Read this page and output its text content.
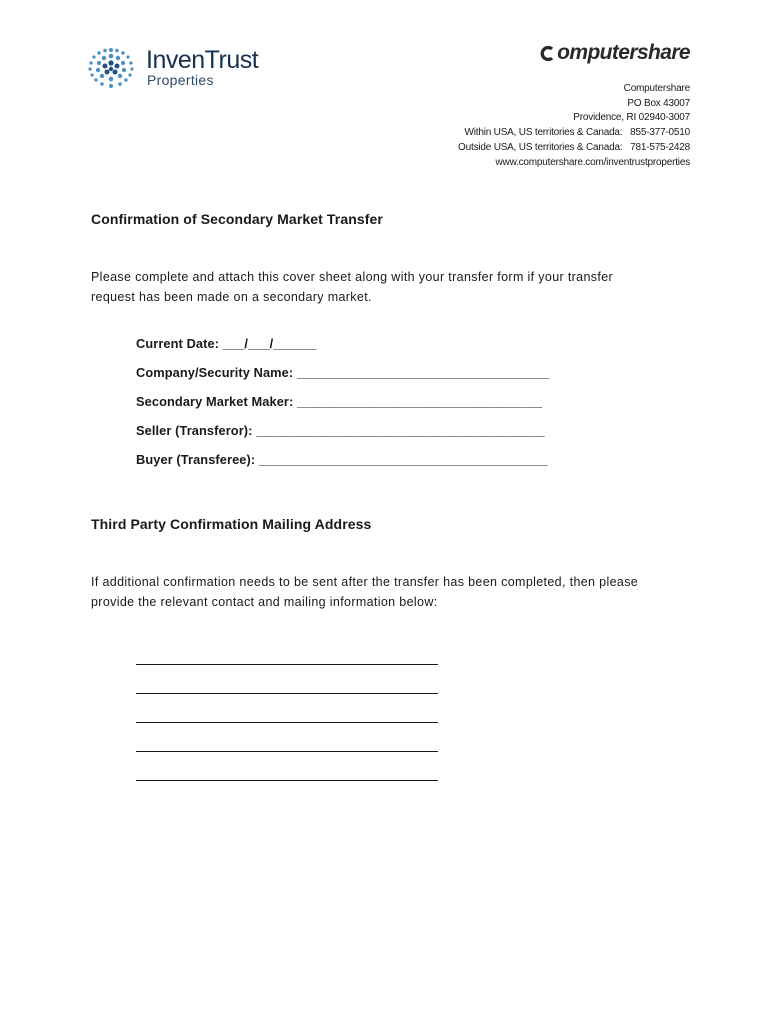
InvenTrust
Properties
omputershare
Computershare
PO Box 43007
Providence, RI 02940-3007
Within USA, US territories & Canada:   855-377-0510
Outside USA, US territories & Canada:   781-575-2428
www.computershare.com/inventrustproperties
Confirmation of Secondary Market Transfer
Please complete and attach this cover sheet along with your transfer form if your transfer
request has been made on a secondary market.
Current Date: ___/___/______
Company/Security Name: ___________________________________
Secondary Market Maker: __________________________________
Seller (Transferor): ________________________________________
Buyer (Transferee): ________________________________________
Third Party Confirmation Mailing Address
If additional confirmation needs to be sent after the transfer has been completed, then please
provide the relevant contact and mailing information below:
